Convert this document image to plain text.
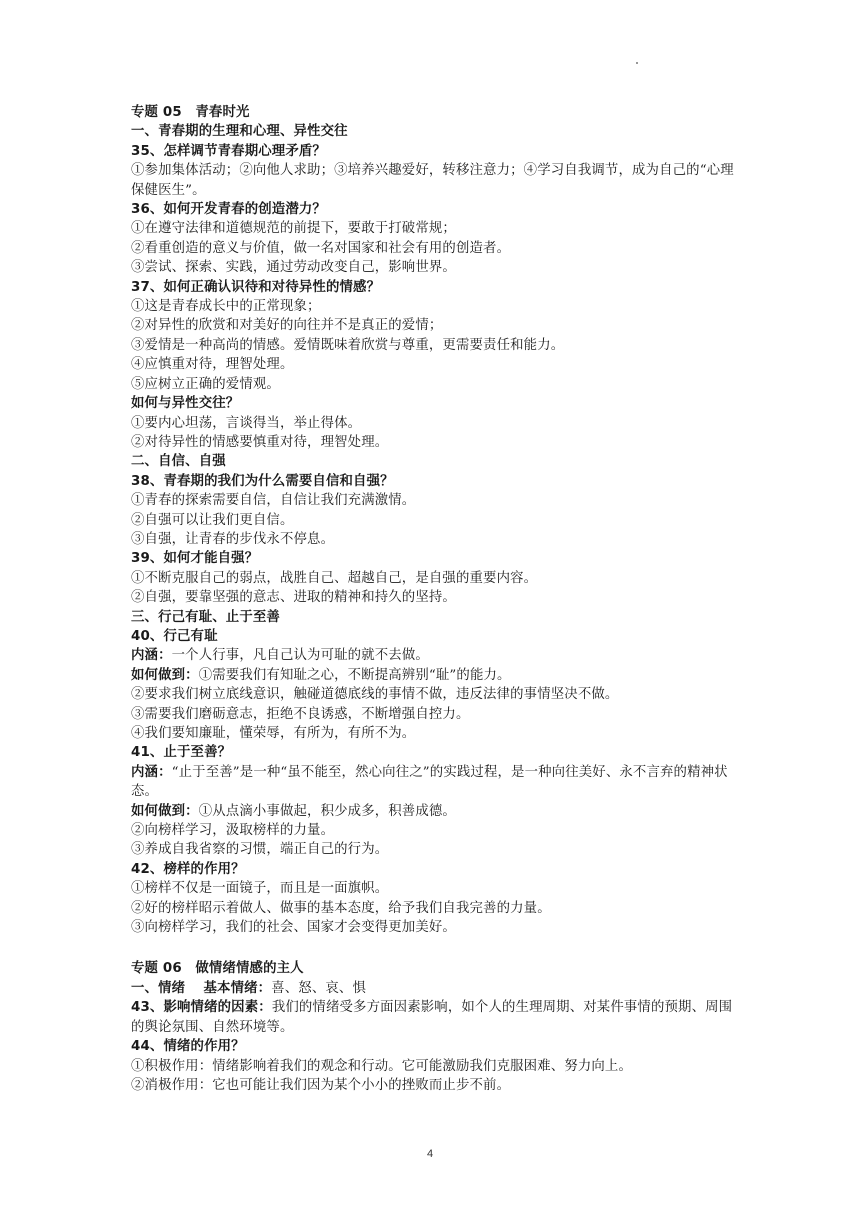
专题 05　青春时光
一、青春期的生理和心理、异性交往
35、怎样调节青春期心理矛盾？
①参加集体活动；②向他人求助；③培养兴趣爱好，转移注意力；④学习自我调节，成为自己的“心理保健医生”。
36、如何开发青春的创造潜力？
①在遵守法律和道德规范的前提下，要敢于打破常规；
②看重创造的意义与价值，做一名对国家和社会有用的创造者。
③尝试、探索、实践，通过劳动改变自己，影响世界。
37、如何正确认识待和对待异性的情感？
①这是青春成长中的正常现象；
②对异性的欣赏和对美好的向往并不是真正的爱情；
③爱情是一种高尚的情感。爱情既味着欣赏与尊重，更需要责任和能力。
④应慎重对待，理智处理。
⑤应树立正确的爱情观。
如何与异性交往？
①要内心坦荡，言谈得当，举止得体。
②对待异性的情感要慎重对待，理智处理。
二、自信、自强
38、青春期的我们为什么需要自信和自强？
①青春的探索需要自信，自信让我们充满激情。
②自强可以让我们更自信。
③自强，让青春的步伐永不停息。
39、如何才能自强？
①不断克服自己的弱点，战胜自己、超越自己，是自强的重要内容。
②自强，要靠坚强的意志、进取的精神和持久的坚持。
三、行己有耻、止于至善
40、行己有耻
内涵：一个人行事，凡自己认为可耻的就不去做。
如何做到：①需要我们有知耻之心，不断提高辨别“耻”的能力。
②要求我们树立底线意识，触碰道德底线的事情不做，违反法律的事情坚决不做。
③需要我们磨砺意志，拒绝不良诱惑，不断增强自控力。
④我们要知廉耻，懂荣辱，有所为，有所不为。
41、止于至善？
内涵：“止于至善”是一种“虽不能至，然心向往之”的实践过程，是一种向往美好、永不言弃的精神状态。
如何做到：①从点滴小事做起，积少成多，积善成德。
②向榜样学习，汲取榜样的力量。
③养成自我省察的习惯，端正自己的行为。
42、榜样的作用？
①榜样不仅是一面镜子，而且是一面旗帜。
②好的榜样昭示着做人、做事的基本态度，给予我们自我完善的力量。
③向榜样学习，我们的社会、国家才会变得更加美好。
专题 06　做情绪情感的主人
一、情绪　 基本情绪：喜、怒、哀、惧
43、影响情绪的因素：我们的情绪受多方面因素影响，如个人的生理周期、对某件事情的预期、周围的舆论氛围、自然环境等。
44、情绪的作用？
①积极作用：情绪影响着我们的观念和行动。它可能激励我们克服困难、努力向上。
②消极作用：它也可能让我们因为某个小小的挫败而止步不前。
4
